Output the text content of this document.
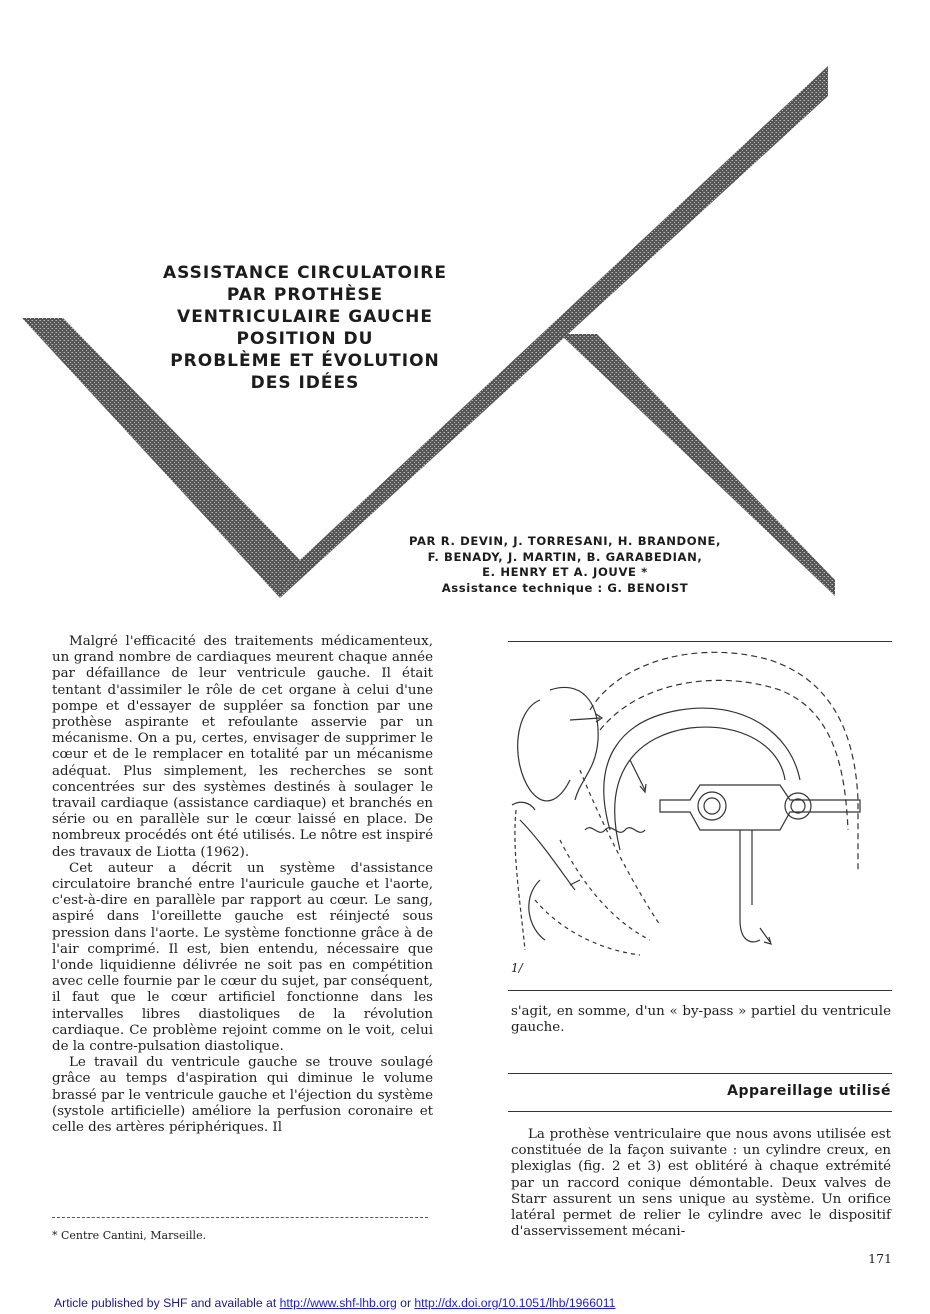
ASSISTANCE CIRCULATOIRE
PAR PROTHÈSE
VENTRICULAIRE GAUCHE
POSITION DU
PROBLÈME ET ÉVOLUTION
DES IDÉES
PAR R. DEVIN, J. TORRESANI, H. BRANDONE,
F. BENADY, J. MARTIN, B. GARABEDIAN,
E. HENRY ET A. JOUVE *
Assistance technique : G. BENOIST

Malgré l'efficacité des traitements médicamenteux, un grand nombre de cardiaques meurent chaque année par défaillance de leur ventricule gauche. Il était tentant d'assimiler le rôle de cet organe à celui d'une pompe et d'essayer de suppléer sa fonction par une prothèse aspirante et refoulante asservie par un mécanisme. On a pu, certes, envisager de supprimer le cœur et de le remplacer en totalité par un mécanisme adéquat. Plus simplement, les recherches se sont concentrées sur des systèmes destinés à soulager le travail cardiaque (assistance cardiaque) et branchés en série ou en parallèle sur le cœur laissé en place. De nombreux procédés ont été utilisés. Le nôtre est inspiré des travaux de Liotta (1962).

Cet auteur a décrit un système d'assistance circulatoire branché entre l'auricule gauche et l'aorte, c'est-à-dire en parallèle par rapport au cœur. Le sang, aspiré dans l'oreillette gauche est réinjecté sous pression dans l'aorte. Le système fonctionne grâce à de l'air comprimé. Il est, bien entendu, nécessaire que l'onde liquidienne délivrée ne soit pas en compétition avec celle fournie par le cœur du sujet, par conséquent, il faut que le cœur artificiel fonctionne dans les intervalles libres diastoliques de la révolution cardiaque. Ce problème rejoint comme on le voit, celui de la contre-pulsation diastolique.

Le travail du ventricule gauche se trouve soulagé grâce au temps d'aspiration qui diminue le volume brassé par le ventricule gauche et l'éjection du système (systole artificielle) améliore la perfusion coronaire et celle des artères périphériques. Il

1/

s'agit, en somme, d'un « by-pass » partiel du ventricule gauche.

Appareillage utilisé

La prothèse ventriculaire que nous avons utilisée est constituée de la façon suivante : un cylindre creux, en plexiglas (fig. 2 et 3) est oblitéré à chaque extrémité par un raccord conique démontable. Deux valves de Starr assurent un sens unique au système. Un orifice latéral permet de relier le cylindre avec le dispositif d'asservissement mécani-

* Centre Cantini, Marseille.
171
Article published by SHF and available at http://www.shf-lhb.org or http://dx.doi.org/10.1051/lhb/1966011
